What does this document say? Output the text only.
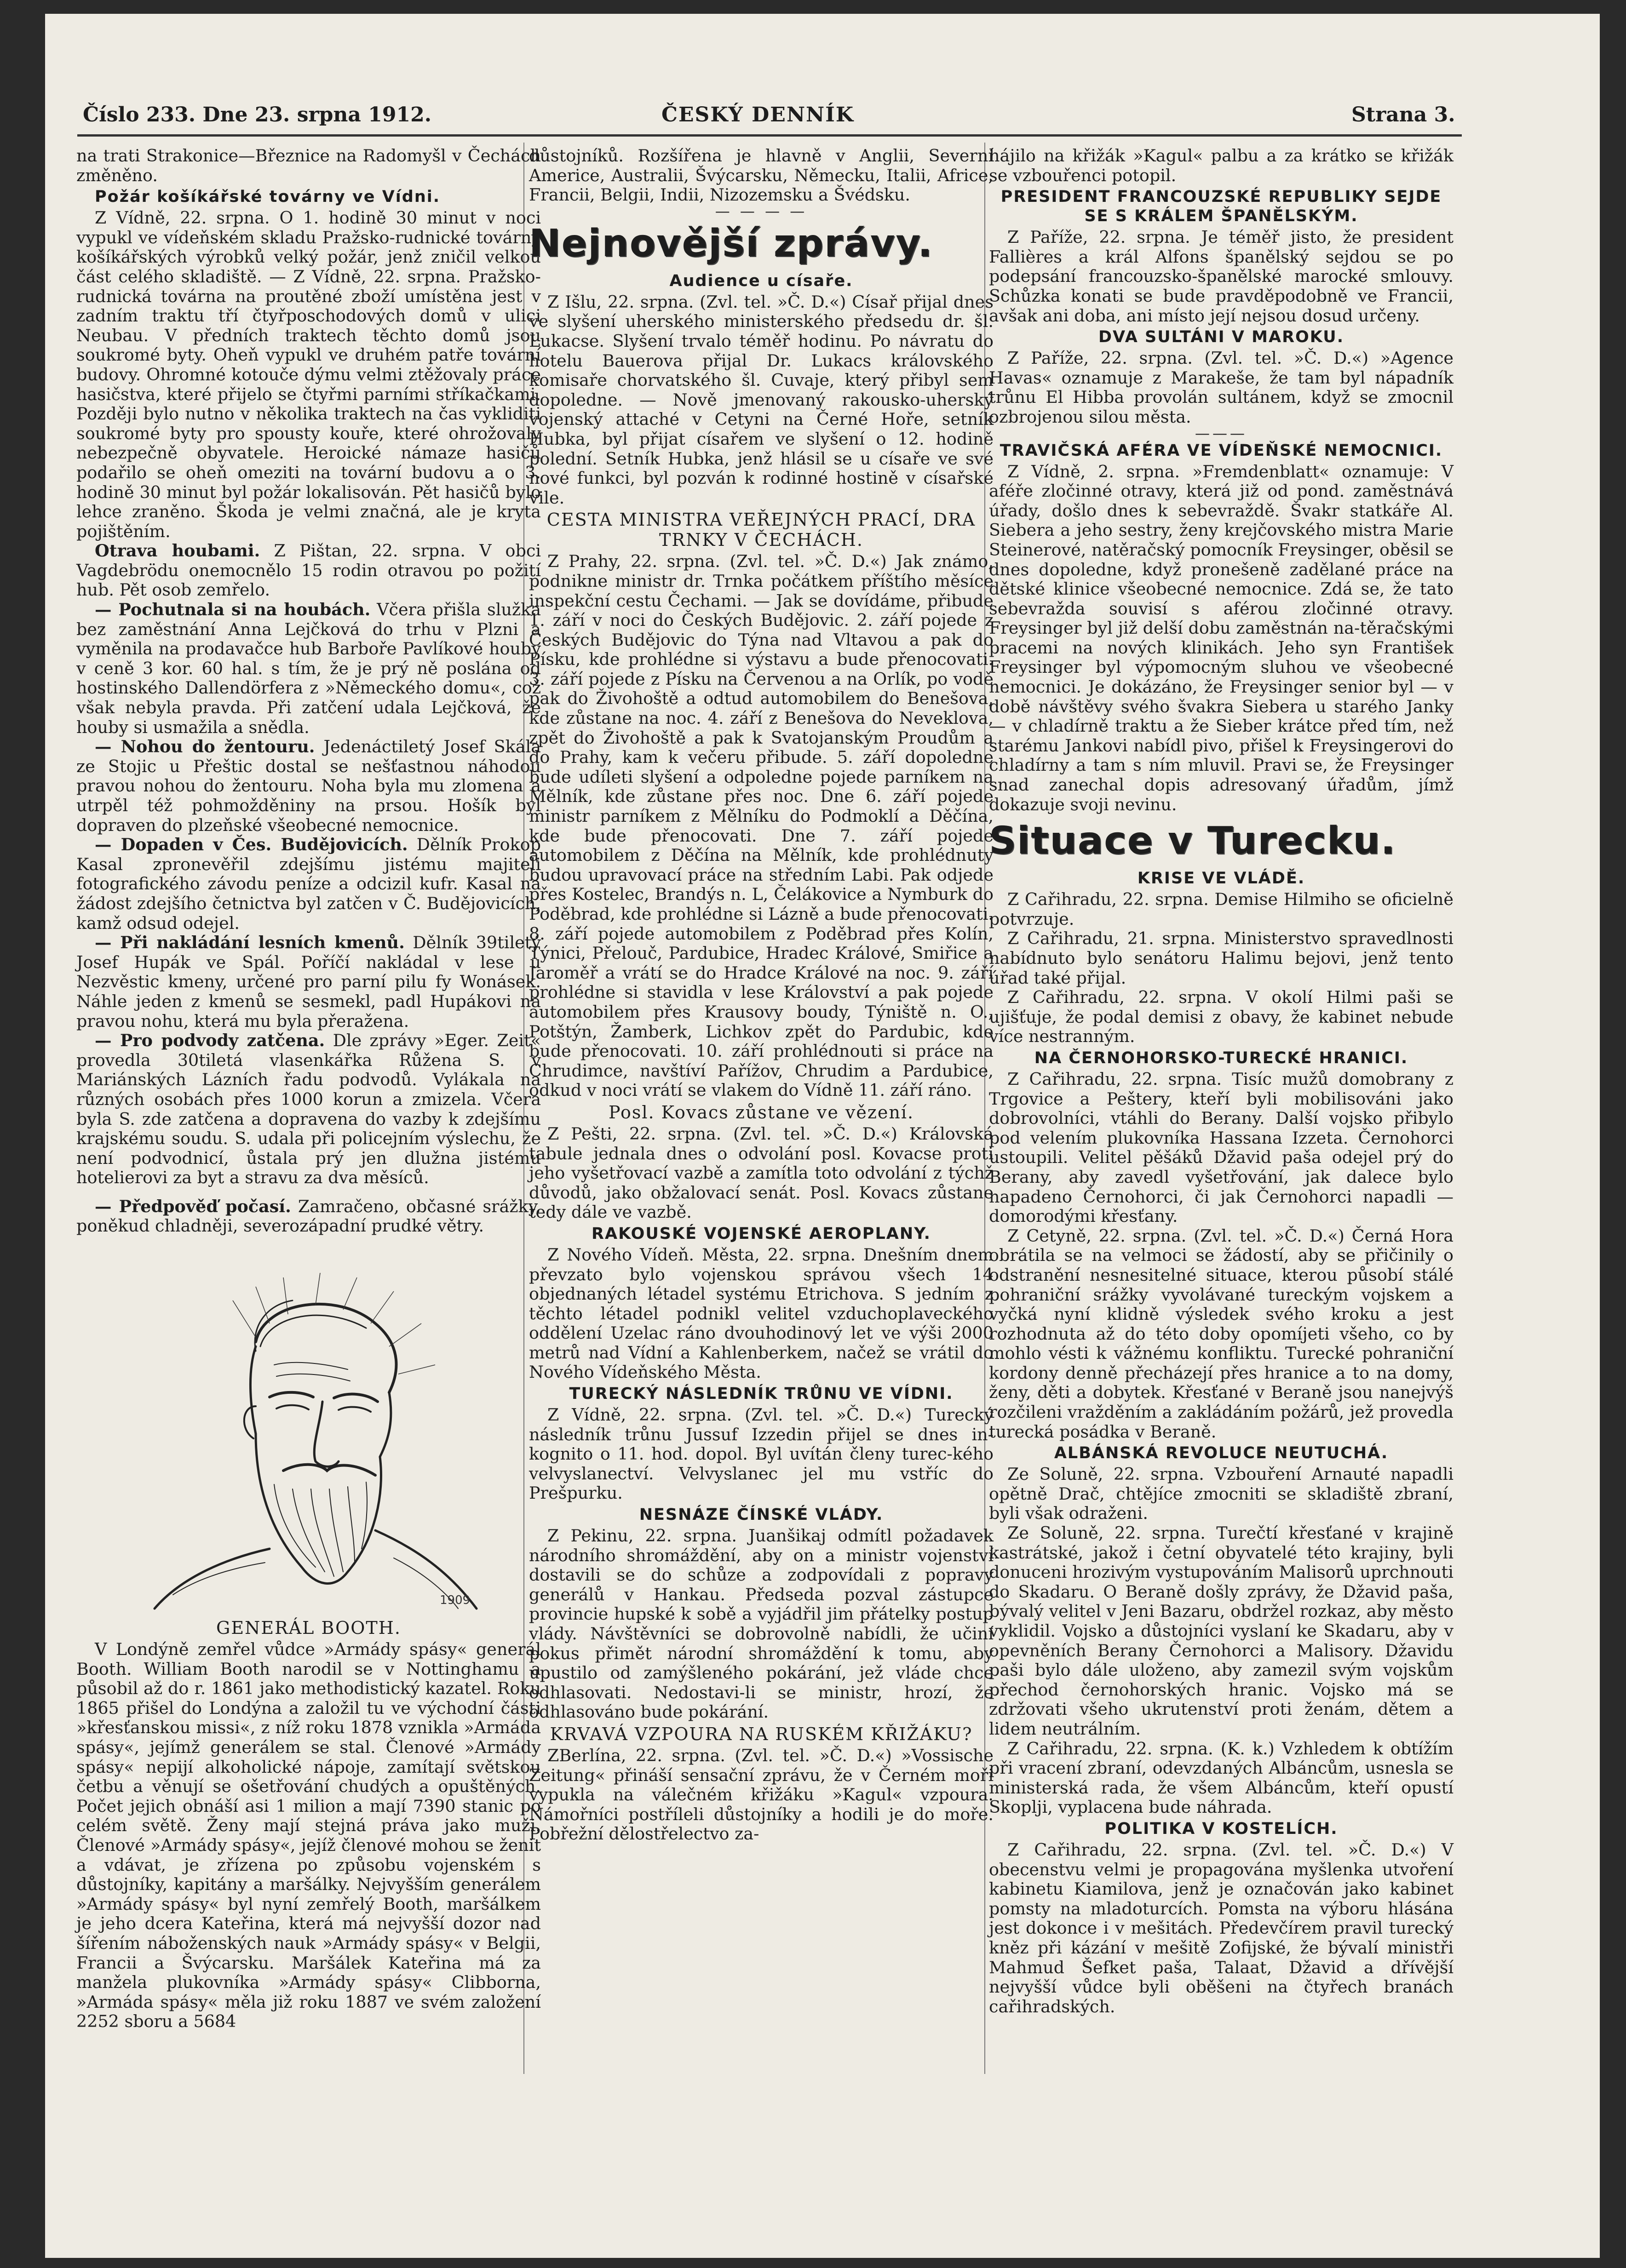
Číslo 233. Dne 23. srpna 1912.	ČESKÝ DENNÍK	Strana 3.

na trati Strakonice—Březnice na Radomyšl v Čechách změněno.

Požár košíkářské továrny ve Vídni.

Z Vídně, 22. srpna. O 1. hodině 30 minut v noci vypukl ve vídeňském skladu Pražsko-rudnické továrny košíkářských výrobků velký požár, jenž zničil velkou část celého skladiště. — Z Vídně, 22. srpna. Pražsko-rudnická továrna na proutěné zboží umístěna jest v zadním traktu tří čtyřposchodových domů v ulici Neubau. V předních traktech těchto domů jsou soukromé byty. Oheň vypukl ve druhém patře tovární budovy. Ohromné kotouče dýmu velmi ztěžovaly práce hasičstva, které přijelo se čtyřmi parními stříkačkami. Později bylo nutno v několika traktech na čas vykliditi soukromé byty pro spousty kouře, které ohrožovaly nebezpečně obyvatele. Heroické námaze hasičů podařilo se oheň omeziti na tovární budovu a o 3. hodině 30 minut byl požár lokalisován. Pět hasičů bylo lehce zraněno. Škoda je velmi značná, ale je kryta pojištěním.

Otrava houbami. Z Pištan, 22. srpna. V obci Vagdebrödu onemocnělo 15 rodin otravou po požití hub. Pět osob zemřelo.

— Pochutnala si na houbách. Včera přišla služka bez zaměstnání Anna Lejčková do trhu v Plzni a vyměnila na prodavačce hub Barboře Pavlíkové houby v ceně 3 kor. 60 hal. s tím, že je prý ně poslána od hostinského Dallendörfera z »Německého domu«, což však nebyla pravda. Při zatčení udala Lejčková, že houby si usmažila a snědla.

— Nohou do žentouru. Jedenáctiletý Josef Skála ze Stojic u Přeštic dostal se nešťastnou náhodou pravou nohou do žentouru. Noha byla mu zlomena a utrpěl též pohmožděniny na prsou. Hošík byl dopraven do plzeňské všeobecné nemocnice.

— Dopaden v Čes. Budějovicích. Dělník Prokop Kasal zpronevěřil zdejšímu jistému majiteli fotografického závodu peníze a odcizil kufr. Kasal na žádost zdejšího četnictva byl zatčen v Č. Budějovicích, kamž odsud odejel.

— Při nakládání lesních kmenů. Dělník 39tiletý Josef Hupák ve Spál. Poříčí nakládal v lese u Nezvěstic kmeny, určené pro parní pilu fy Wonásek. Náhle jeden z kmenů se sesmekl, padl Hupákovi na pravou nohu, která mu byla přeražena.

— Pro podvody zatčena. Dle zprávy »Eger. Zeit« provedla 30tiletá vlasenkářka Růžena S. v Mariánských Lázních řadu podvodů. Vylákala na různých osobách přes 1000 korun a zmizela. Včera byla S. zde zatčena a dopravena do vazby k zdejšímu krajskému soudu. S. udala při policejním výslechu, že není podvodnicí, ůstala prý jen dlužna jistému hotelierovi za byt a stravu za dva měsíců.

— Předpověď počasí. Zamračeno, občasné srážky, poněkud chladněji, severozápadní prudké větry.

1909
GENERÁL BOOTH.

V Londýně zemřel vůdce »Armády spásy« generál Booth. William Booth narodil se v Nottinghamu a působil až do r. 1861 jako methodistický kazatel. Roku 1865 přišel do Londýna a založil tu ve východní části »křesťanskou missi«, z níž roku 1878 vznikla »Armáda spásy«, jejímž generálem se stal. Členové »Armády spásy« nepijí alkoholické nápoje, zamítají světskou četbu a věnují se ošetřování chudých a opuštěných. Počet jejich obnáší asi 1 milion a mají 7390 stanic po celém světě. Ženy mají stejná práva jako muži. Členové »Armády spásy«, jejíž členové mohou se ženit a vdávat, je zřízena po způsobu vojenském s důstojníky, kapitány a maršálky. Nejvyšším generálem »Armády spásy« byl nyní zemřelý Booth, maršálkem je jeho dcera Kateřina, která má nejvyšší dozor nad šířením náboženských nauk »Armády spásy« v Belgii, Francii a Švýcarsku. Maršálek Kateřina má za manžela plukovníka »Armády spásy« Clibborna, »Armáda spásy« měla již roku 1887 ve svém založení 2252 sboru a 5684

důstojníků. Rozšířena je hlavně v Anglii, Severní Americe, Australii, Švýcarsku, Německu, Italii, Africe, Francii, Belgii, Indii, Nizozemsku a Švédsku.

— — — —
Nejnovější zprávy.
Audience u císaře.

Z Išlu, 22. srpna. (Zvl. tel. »Č. D.«) Císař přijal dnes ve slyšení uherského ministerského předsedu dr. šl. Lukacse. Slyšení trvalo téměř hodinu. Po návratu do hotelu Bauerova přijal Dr. Lukacs královského komisaře chorvatského šl. Cuvaje, který přibyl sem dopoledne. — Nově jmenovaný rakousko-uherský vojenský attaché v Cetyni na Černé Hoře, setník Hubka, byl přijat císařem ve slyšení o 12. hodině polední. Setník Hubka, jenž hlásil se u císaře ve své nové funkci, byl pozván k rodinné hostině v císařské vile.

CESTA MINISTRA VEŘEJNÝCH PRACÍ, DRA TRNKY V ČECHÁCH.

Z Prahy, 22. srpna. (Zvl. tel. »Č. D.«) Jak známo, podnikne ministr dr. Trnka počátkem příštího měsíce inspekční cestu Čechami. — Jak se dovídáme, přibude 1. září v noci do Českých Budějovic. 2. září pojede z Českých Budějovic do Týna nad Vltavou a pak do Písku, kde prohlédne si výstavu a bude přenocovati. 3. září pojede z Písku na Červenou a na Orlík, po vodě pak do Živohoště a odtud automobilem do Benešova, kde zůstane na noc. 4. září z Benešova do Neveklova, zpět do Živohoště a pak k Svatojanským Proudům a do Prahy, kam k večeru přibude. 5. září dopoledne bude udíleti slyšení a odpoledne pojede parníkem na Mělník, kde zůstane přes noc. Dne 6. září pojede ministr parníkem z Mělníku do Podmoklí a Děčína, kde bude přenocovati. Dne 7. září pojede automobilem z Děčína na Mělník, kde prohlédnuty budou upravovací práce na středním Labi. Pak odjede přes Kostelec, Brandýs n. L, Čelákovice a Nymburk do Poděbrad, kde prohlédne si Lázně a bude přenocovati. 8. září pojede automobilem z Poděbrad přes Kolín, Týnici, Přelouč, Pardubice, Hradec Králové, Smiřice a Jaroměř a vrátí se do Hradce Králové na noc. 9. září prohlédne si stavidla v lese Království a pak pojede automobilem přes Krausovy boudy, Týniště n. O., Potštýn, Žamberk, Lichkov zpět do Pardubic, kde bude přenocovati. 10. září prohlédnouti si práce na Chrudimce, navštíví Pařížov, Chrudim a Pardubice, odkud v noci vrátí se vlakem do Vídně 11. září ráno.

Posl. Kovacs zůstane ve vězení.

Z Pešti, 22. srpna. (Zvl. tel. »Č. D.«) Královská tabule jednala dnes o odvolání posl. Kovacse proti jeho vyšetřovací vazbě a zamítla toto odvolání z týchž důvodů, jako obžalovací senát. Posl. Kovacs zůstane tedy dále ve vazbě.

RAKOUSKÉ VOJENSKÉ AEROPLANY.

Z Nového Vídeň. Města, 22. srpna. Dnešním dnem převzato bylo vojenskou správou všech 14 objednaných létadel systému Etrichova. S jedním z těchto létadel podnikl velitel vzduchoplaveckého oddělení Uzelac ráno dvouhodinový let ve výši 2000 metrů nad Vídní a Kahlenberkem, načež se vrátil do Nového Vídeňského Města.

TURECKÝ NÁSLEDNÍK TRŮNU VE VÍDNI.

Z Vídně, 22. srpna. (Zvl. tel. »Č. D.«) Turecký následník trůnu Jussuf Izzedin přijel se dnes in-kognito o 11. hod. dopol. Byl uvítán členy turec-kého velvyslanectví. Velvyslanec jel mu vstříc do Prešpurku.

NESNÁZE ČÍNSKÉ VLÁDY.

Z Pekinu, 22. srpna. Juanšikaj odmítl požadavek národního shromáždění, aby on a ministr vojenství dostavili se do schůze a zodpovídali z popravy generálů v Hankau. Předseda pozval zástupce provincie hupské k sobě a vyjádřil jim přátelky postup vlády. Návštěvníci se dobrovolně nabídli, že učiní pokus přimět národní shromáždění k tomu, aby upustilo od zamýšleného pokárání, jež vláde chce odhlasovati. Nedostavi-li se ministr, hrozí, že odhlasováno bude pokárání.

KRVAVÁ VZPOURA NA RUSKÉM KŘIŽÁKU?

ZBerlína, 22. srpna. (Zvl. tel. »Č. D.«) »Vossische Zeitung« přináší sensační zprávu, že v Černém moři vypukla na válečném křižáku »Kagul« vzpoura. Námořníci postříleli důstojníky a hodili je do moře. Pobřežní dělostřelectvo za-

hájilo na křižák »Kagul« palbu a za krátko se křižák se vzbouřenci potopil.

PRESIDENT FRANCOUZSKÉ REPUBLIKY SEJDE SE S KRÁLEM ŠPANĚLSKÝM.

Z Paříže, 22. srpna. Je téměř jisto, že president Fallières a král Alfons španělský sejdou se po podepsání francouzsko-španělské marocké smlouvy. Schůzka konati se bude pravděpodobně ve Francii, avšak ani doba, ani místo její nejsou dosud určeny.

DVA SULTÁNI V MAROKU.

Z Paříže, 22. srpna. (Zvl. tel. »Č. D.«) »Agence Havas« oznamuje z Marakeše, že tam byl nápadník trůnu El Hibba provolán sultánem, když se zmocnil ozbrojenou silou města.

———
TRAVIČSKÁ AFÉRA VE VÍDEŇSKÉ NEMOCNICI.

Z Vídně, 2. srpna. »Fremdenblatt« oznamuje: V aféře zločinné otravy, která již od pond. zaměstnává úřady, došlo dnes k sebevraždě. Švakr statkáře Al. Siebera a jeho sestry, ženy krejčovského mistra Marie Steinerové, natěračský pomocník Freysinger, oběsil se dnes dopoledne, když pronešeně zadělané práce na dětské klinice všeobecné nemocnice. Zdá se, že tato sebevražda souvisí s aférou zločinné otravy. Freysinger byl již delší dobu zaměstnán na-těračskými pracemi na nových klinikách. Jeho syn František Freysinger byl výpomocným sluhou ve všeobecné nemocnici. Je dokázáno, že Freysinger senior byl — v době návštěvy svého švakra Siebera u starého Janky — v chladírně traktu a že Sieber krátce před tím, než starému Jankovi nabídl pivo, přišel k Freysingerovi do chladírny a tam s ním mluvil. Pravi se, že Freysinger snad zanechal dopis adresovaný úřadům, jímž dokazuje svoji nevinu.

Situace v Turecku.
KRISE VE VLÁDĚ.

Z Cařihradu, 22. srpna. Demise Hilmiho se oficielně potvrzuje.

Z Cařihradu, 21. srpna. Ministerstvo spravedlnosti nabídnuto bylo senátoru Halimu bejovi, jenž tento úřad také přijal.

Z Cařihradu, 22. srpna. V okolí Hilmi paši se ujišťuje, že podal demisi z obavy, že kabinet nebude více nestranným.

NA ČERNOHORSKO-TURECKÉ HRANICI.

Z Cařihradu, 22. srpna. Tisíc mužů domobrany z Trgovice a Peštery, kteří byli mobilisováni jako dobrovolníci, vtáhli do Berany. Další vojsko přibylo pod velením plukovníka Hassana Izzeta. Černohorci ustoupili. Velitel pěšáků Džavid paša odejel prý do Berany, aby zavedl vyšetřování, jak dalece bylo napadeno Černohorci, či jak Černohorci napadli — domorodými křesťany.

Z Cetyně, 22. srpna. (Zvl. tel. »Č. D.«) Černá Hora obrátila se na velmoci se žádostí, aby se přičinily o odstranění nesnesitelné situace, kterou působí stálé pohraniční srážky vyvolávané tureckým vojskem a vyčká nyní klidně výsledek svého kroku a jest rozhodnuta až do této doby opomíjeti všeho, co by mohlo vésti k vážnému konfliktu. Turecké pohraniční kordony denně přecházejí přes hranice a to na domy, ženy, děti a dobytek. Křesťané v Beraně jsou nanejvýš rozčileni vražděním a zakládáním požárů, jež provedla turecká posádka v Beraně.

ALBÁNSKÁ REVOLUCE NEUTUCHÁ.

Ze Soluně, 22. srpna. Vzbouření Arnauté napadli opětně Drač, chtějíce zmocniti se skladiště zbraní, byli však odraženi.

Ze Soluně, 22. srpna. Turečtí křesťané v krajině kastrátské, jakož i četní obyvatelé této krajiny, byli donuceni hrozivým vystupováním Malisorů uprchnouti do Skadaru. O Beraně došly zprávy, že Džavid paša, bývalý velitel v Jeni Bazaru, obdržel rozkaz, aby město vyklidil. Vojsko a důstojníci vyslaní ke Skadaru, aby v opevněních Berany Černohorci a Malisory. Džavidu paši bylo dále uloženo, aby zamezil svým vojskům přechod černohorských hranic. Vojsko má se zdržovati všeho ukrutenství proti ženám, dětem a lidem neutrálním.

Z Cařihradu, 22. srpna. (K. k.) Vzhledem k obtížím při vracení zbraní, odevzdaných Albáncům, usnesla se ministerská rada, že všem Albáncům, kteří opustí Skoplji, vyplacena bude náhrada.

POLITIKA V KOSTELÍCH.

Z Cařihradu, 22. srpna. (Zvl. tel. »Č. D.«) V obecenstvu velmi je propagována myšlenka utvoření kabinetu Kiamilova, jenž je označován jako kabinet pomsty na mladoturcích. Pomsta na výboru hlásána jest dokonce i v mešitách. Předevčírem pravil turecký kněz při kázání v mešitě Zofijské, že bývalí ministři Mahmud Šefket paša, Talaat, Džavid a dřívější nejvyšší vůdce byli oběšeni na čtyřech branách cařihradských.
